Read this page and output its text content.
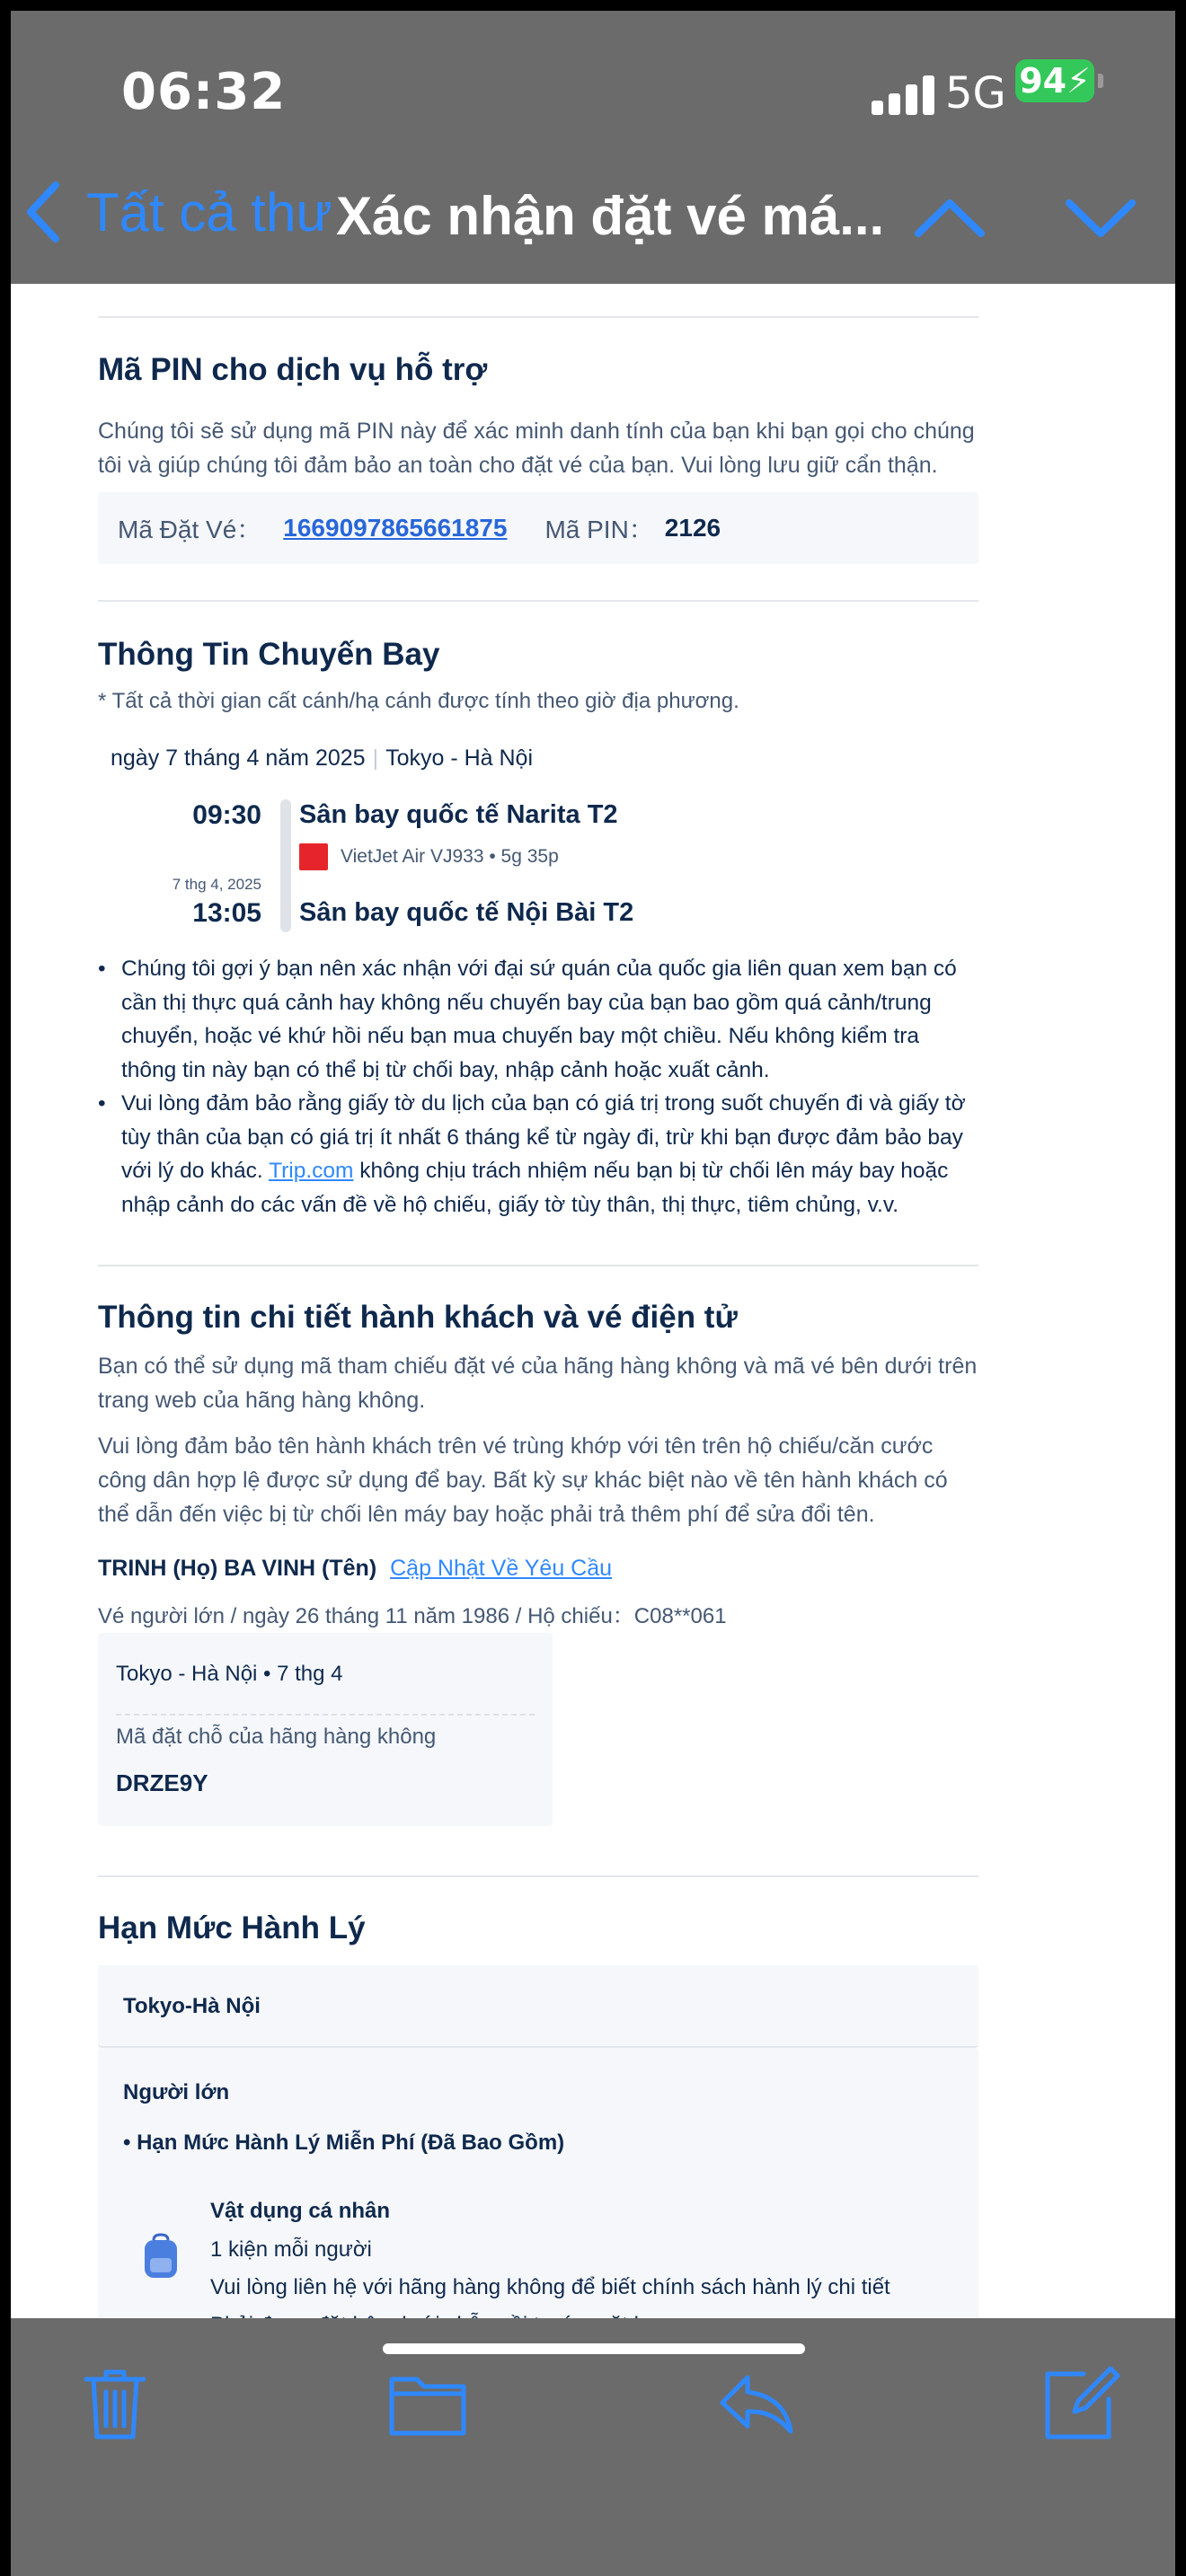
06:32	5G 94⚡
Tất cả thư Xác nhận đặt vé má...
Mã PIN cho dịch vụ hỗ trợ
Chúng tôi sẽ sử dụng mã PIN này để xác minh danh tính của bạn khi bạn gọi cho chúng tôi và giúp chúng tôi đảm bảo an toàn cho đặt vé của bạn. Vui lòng lưu giữ cẩn thận.
Mã Đặt Vé： 1669097865661875 Mã PIN： 2126
Thông Tin Chuyến Bay
* Tất cả thời gian cất cánh/hạ cánh được tính theo giờ địa phương.
ngày 7 tháng 4 năm 2025 | Tokyo - Hà Nội
09:30 Sân bay quốc tế Narita T2
VietJet Air VJ933 • 5g 35p
7 thg 4, 2025
13:05 Sân bay quốc tế Nội Bài T2
• Chúng tôi gợi ý bạn nên xác nhận với đại sứ quán của quốc gia liên quan xem bạn có cần thị thực quá cảnh hay không nếu chuyến bay của bạn bao gồm quá cảnh/trung chuyển, hoặc vé khứ hồi nếu bạn mua chuyến bay một chiều. Nếu không kiểm tra thông tin này bạn có thể bị từ chối bay, nhập cảnh hoặc xuất cảnh.
• Vui lòng đảm bảo rằng giấy tờ du lịch của bạn có giá trị trong suốt chuyến đi và giấy tờ tùy thân của bạn có giá trị ít nhất 6 tháng kể từ ngày đi, trừ khi bạn được đảm bảo bay với lý do khác. Trip.com không chịu trách nhiệm nếu bạn bị từ chối lên máy bay hoặc nhập cảnh do các vấn đề về hộ chiếu, giấy tờ tùy thân, thị thực, tiêm chủng, v.v.
Thông tin chi tiết hành khách và vé điện tử
Bạn có thể sử dụng mã tham chiếu đặt vé của hãng hàng không và mã vé bên dưới trên trang web của hãng hàng không.
Vui lòng đảm bảo tên hành khách trên vé trùng khớp với tên trên hộ chiếu/căn cước công dân hợp lệ được sử dụng để bay. Bất kỳ sự khác biệt nào về tên hành khách có thể dẫn đến việc bị từ chối lên máy bay hoặc phải trả thêm phí để sửa đổi tên.
TRINH (Họ) BA VINH (Tên) Cập Nhật Về Yêu Cầu
Vé người lớn / ngày 26 tháng 11 năm 1986 / Hộ chiếu：C08**061
Tokyo - Hà Nội • 7 thg 4
Mã đặt chỗ của hãng hàng không
DRZE9Y
Hạn Mức Hành Lý
Tokyo-Hà Nội
Người lớn
• Hạn Mức Hành Lý Miễn Phí (Đã Bao Gồm)
Vật dụng cá nhân
1 kiện mỗi người
Vui lòng liên hệ với hãng hàng không để biết chính sách hành lý chi tiết
